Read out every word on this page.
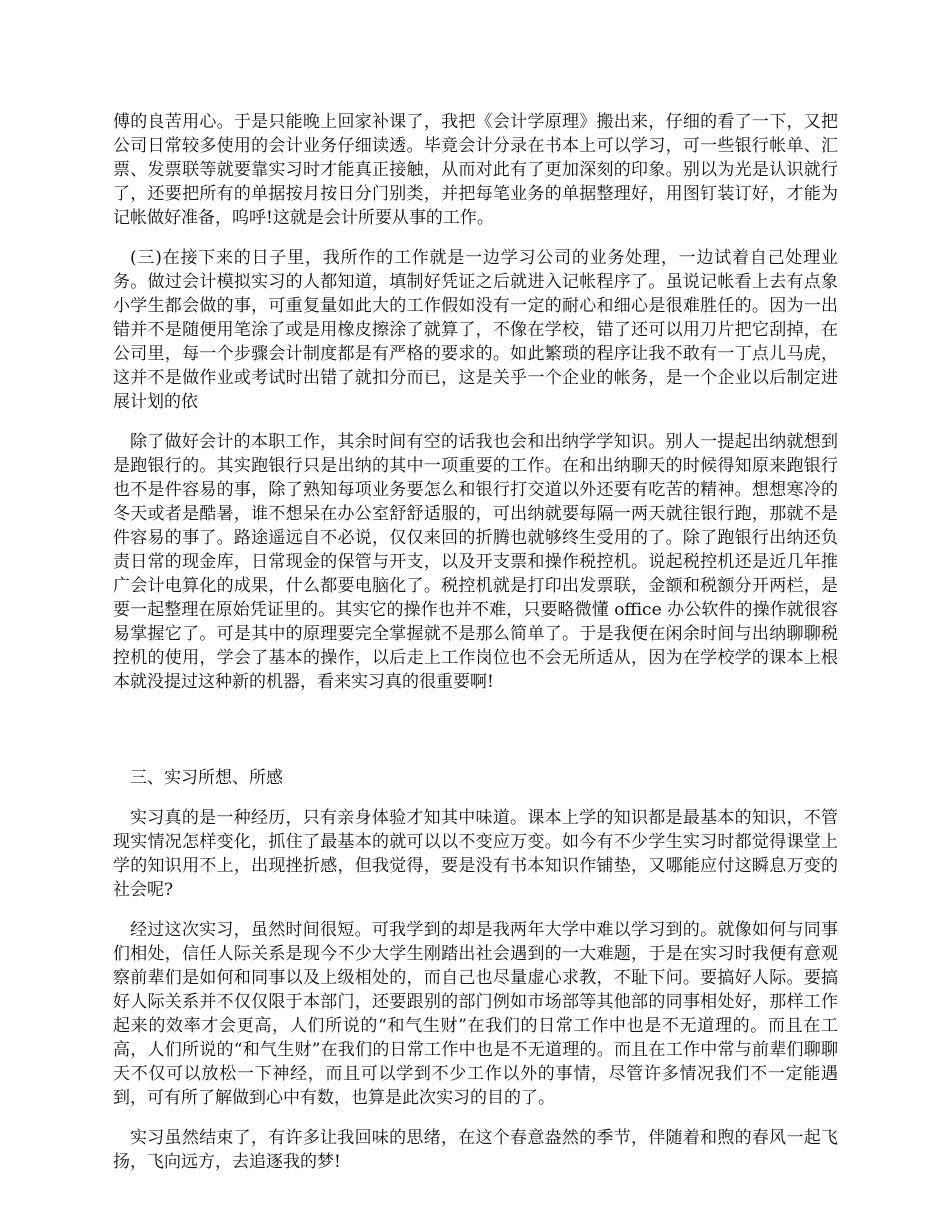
傅的良苦用心。于是只能晚上回家补课了，我把《会计学原理》搬出来，仔细的看了一下，又把公司日常较多使用的会计业务仔细读透。毕竟会计分录在书本上可以学习，可一些银行帐单、汇票、发票联等就要靠实习时才能真正接触，从而对此有了更加深刻的印象。别以为光是认识就行了，还要把所有的单据按月按日分门别类，并把每笔业务的单据整理好，用图钉装订好，才能为记帐做好准备，呜呼!这就是会计所要从事的工作。

(三)在接下来的日子里，我所作的工作就是一边学习公司的业务处理，一边试着自己处理业务。做过会计模拟实习的人都知道，填制好凭证之后就进入记帐程序了。虽说记帐看上去有点象小学生都会做的事，可重复量如此大的工作假如没有一定的耐心和细心是很难胜任的。因为一出错并不是随便用笔涂了或是用橡皮擦涂了就算了，不像在学校，错了还可以用刀片把它刮掉，在公司里，每一个步骤会计制度都是有严格的要求的。如此繁琐的程序让我不敢有一丁点儿马虎，这并不是做作业或考试时出错了就扣分而已，这是关乎一个企业的帐务，是一个企业以后制定进展计划的依

除了做好会计的本职工作，其余时间有空的话我也会和出纳学学知识。别人一提起出纳就想到是跑银行的。其实跑银行只是出纳的其中一项重要的工作。在和出纳聊天的时候得知原来跑银行也不是件容易的事，除了熟知每项业务要怎么和银行打交道以外还要有吃苦的精神。想想寒冷的冬天或者是酷暑，谁不想呆在办公室舒舒适服的，可出纳就要每隔一两天就往银行跑，那就不是件容易的事了。路途遥远自不必说，仅仅来回的折腾也就够终生受用的了。除了跑银行出纳还负责日常的现金库，日常现金的保管与开支，以及开支票和操作税控机。说起税控机还是近几年推广会计电算化的成果，什么都要电脑化了。税控机就是打印出发票联，金额和税额分开两栏，是要一起整理在原始凭证里的。其实它的操作也并不难，只要略微懂 office 办公软件的操作就很容易掌握它了。可是其中的原理要完全掌握就不是那么简单了。于是我便在闲余时间与出纳聊聊税控机的使用，学会了基本的操作，以后走上工作岗位也不会无所适从，因为在学校学的课本上根本就没提过这种新的机器，看来实习真的很重要啊!

三、实习所想、所感

实习真的是一种经历，只有亲身体验才知其中味道。课本上学的知识都是最基本的知识，不管现实情况怎样变化，抓住了最基本的就可以以不变应万变。如今有不少学生实习时都觉得课堂上学的知识用不上，出现挫折感，但我觉得，要是没有书本知识作铺垫，又哪能应付这瞬息万变的社会呢?

经过这次实习，虽然时间很短。可我学到的却是我两年大学中难以学习到的。就像如何与同事们相处，信任人际关系是现今不少大学生刚踏出社会遇到的一大难题，于是在实习时我便有意观察前辈们是如何和同事以及上级相处的，而自己也尽量虚心求教，不耻下问。要搞好人际。要搞好人际关系并不仅仅限于本部门，还要跟别的部门例如市场部等其他部的同事相处好，那样工作起来的效率才会更高，人们所说的“和气生财”在我们的日常工作中也是不无道理的。而且在工高，人们所说的“和气生财”在我们的日常工作中也是不无道理的。而且在工作中常与前辈们聊聊天不仅可以放松一下神经，而且可以学到不少工作以外的事情，尽管许多情况我们不一定能遇到，可有所了解做到心中有数，也算是此次实习的目的了。

实习虽然结束了，有许多让我回味的思绪，在这个春意盎然的季节，伴随着和煦的春风一起飞扬，飞向远方，去追逐我的梦!
